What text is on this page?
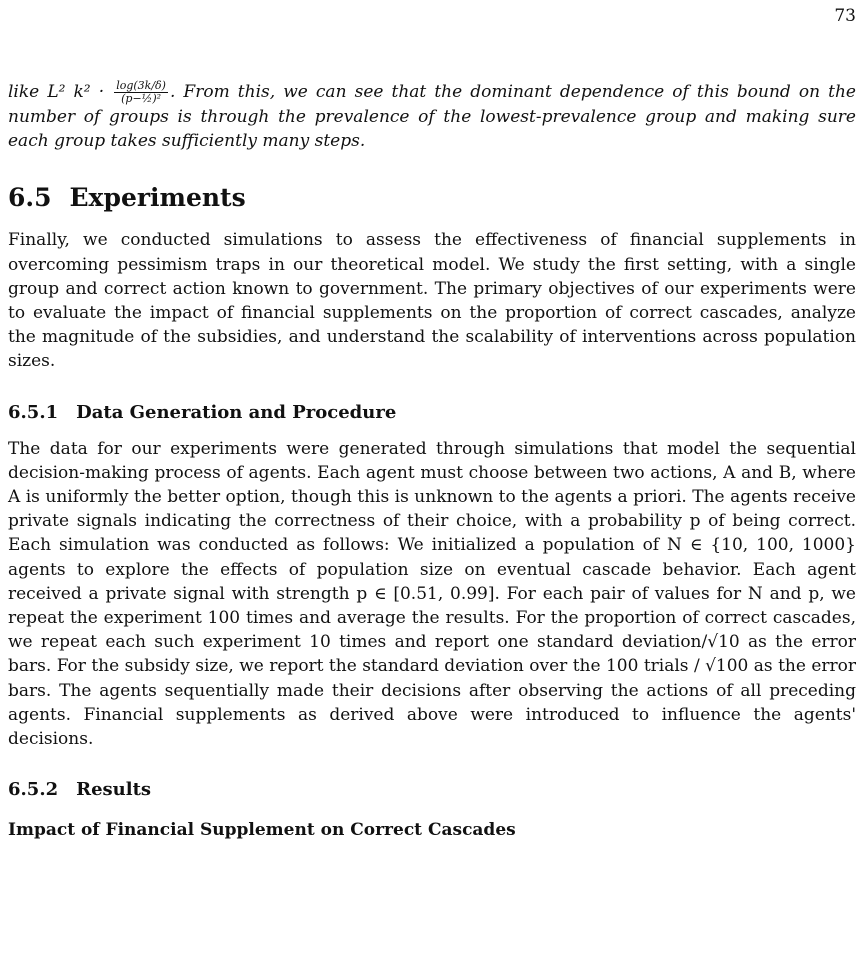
73

like L² $k^2 \cdot \frac{\log(3k/\delta)}{\text{(p−½)²}}$ . From this, we can see that the dominant dependence of this bound on the number of groups is through the prevalence of the lowest-prevalence group and making sure each group takes sufficiently many steps.

6.5 Experiments

Finally, we conducted simulations to assess the effectiveness of financial supplements in overcoming pessimism traps in our theoretical model. We study the first setting, with a single group and correct action known to government. The primary objectives of our experiments were to evaluate the impact of financial supplements on the proportion of correct cascades, analyze the magnitude of the subsidies, and understand the scalability of interventions across population sizes.

6.5.1 Data Generation and Procedure

The data for our experiments were generated through simulations that model the sequential decision-making process of agents. Each agent must choose between two actions, A and B, where A is uniformly the better option, though this is unknown to the agents a priori. The agents receive private signals indicating the correctness of their choice, with a probability p of being correct. Each simulation was conducted as follows: We initialized a population of N ∈ {10, 100, 1000} agents to explore the effects of population size on eventual cascade behavior. Each agent received a private signal with strength p ∈ [0.51, 0.99]. For each pair of values for N and p, we repeat the experiment 100 times and average the results. For the proportion of correct cascades, we repeat each such experiment 10 times and report one standard deviation/√10 as the error bars. For the subsidy size, we report the standard deviation over the 100 trials / √100 as the error bars. The agents sequentially made their decisions after observing the actions of all preceding agents. Financial supplements as derived above were introduced to influence the agents' decisions.

6.5.2 Results
Impact of Financial Supplement on Correct Cascades
